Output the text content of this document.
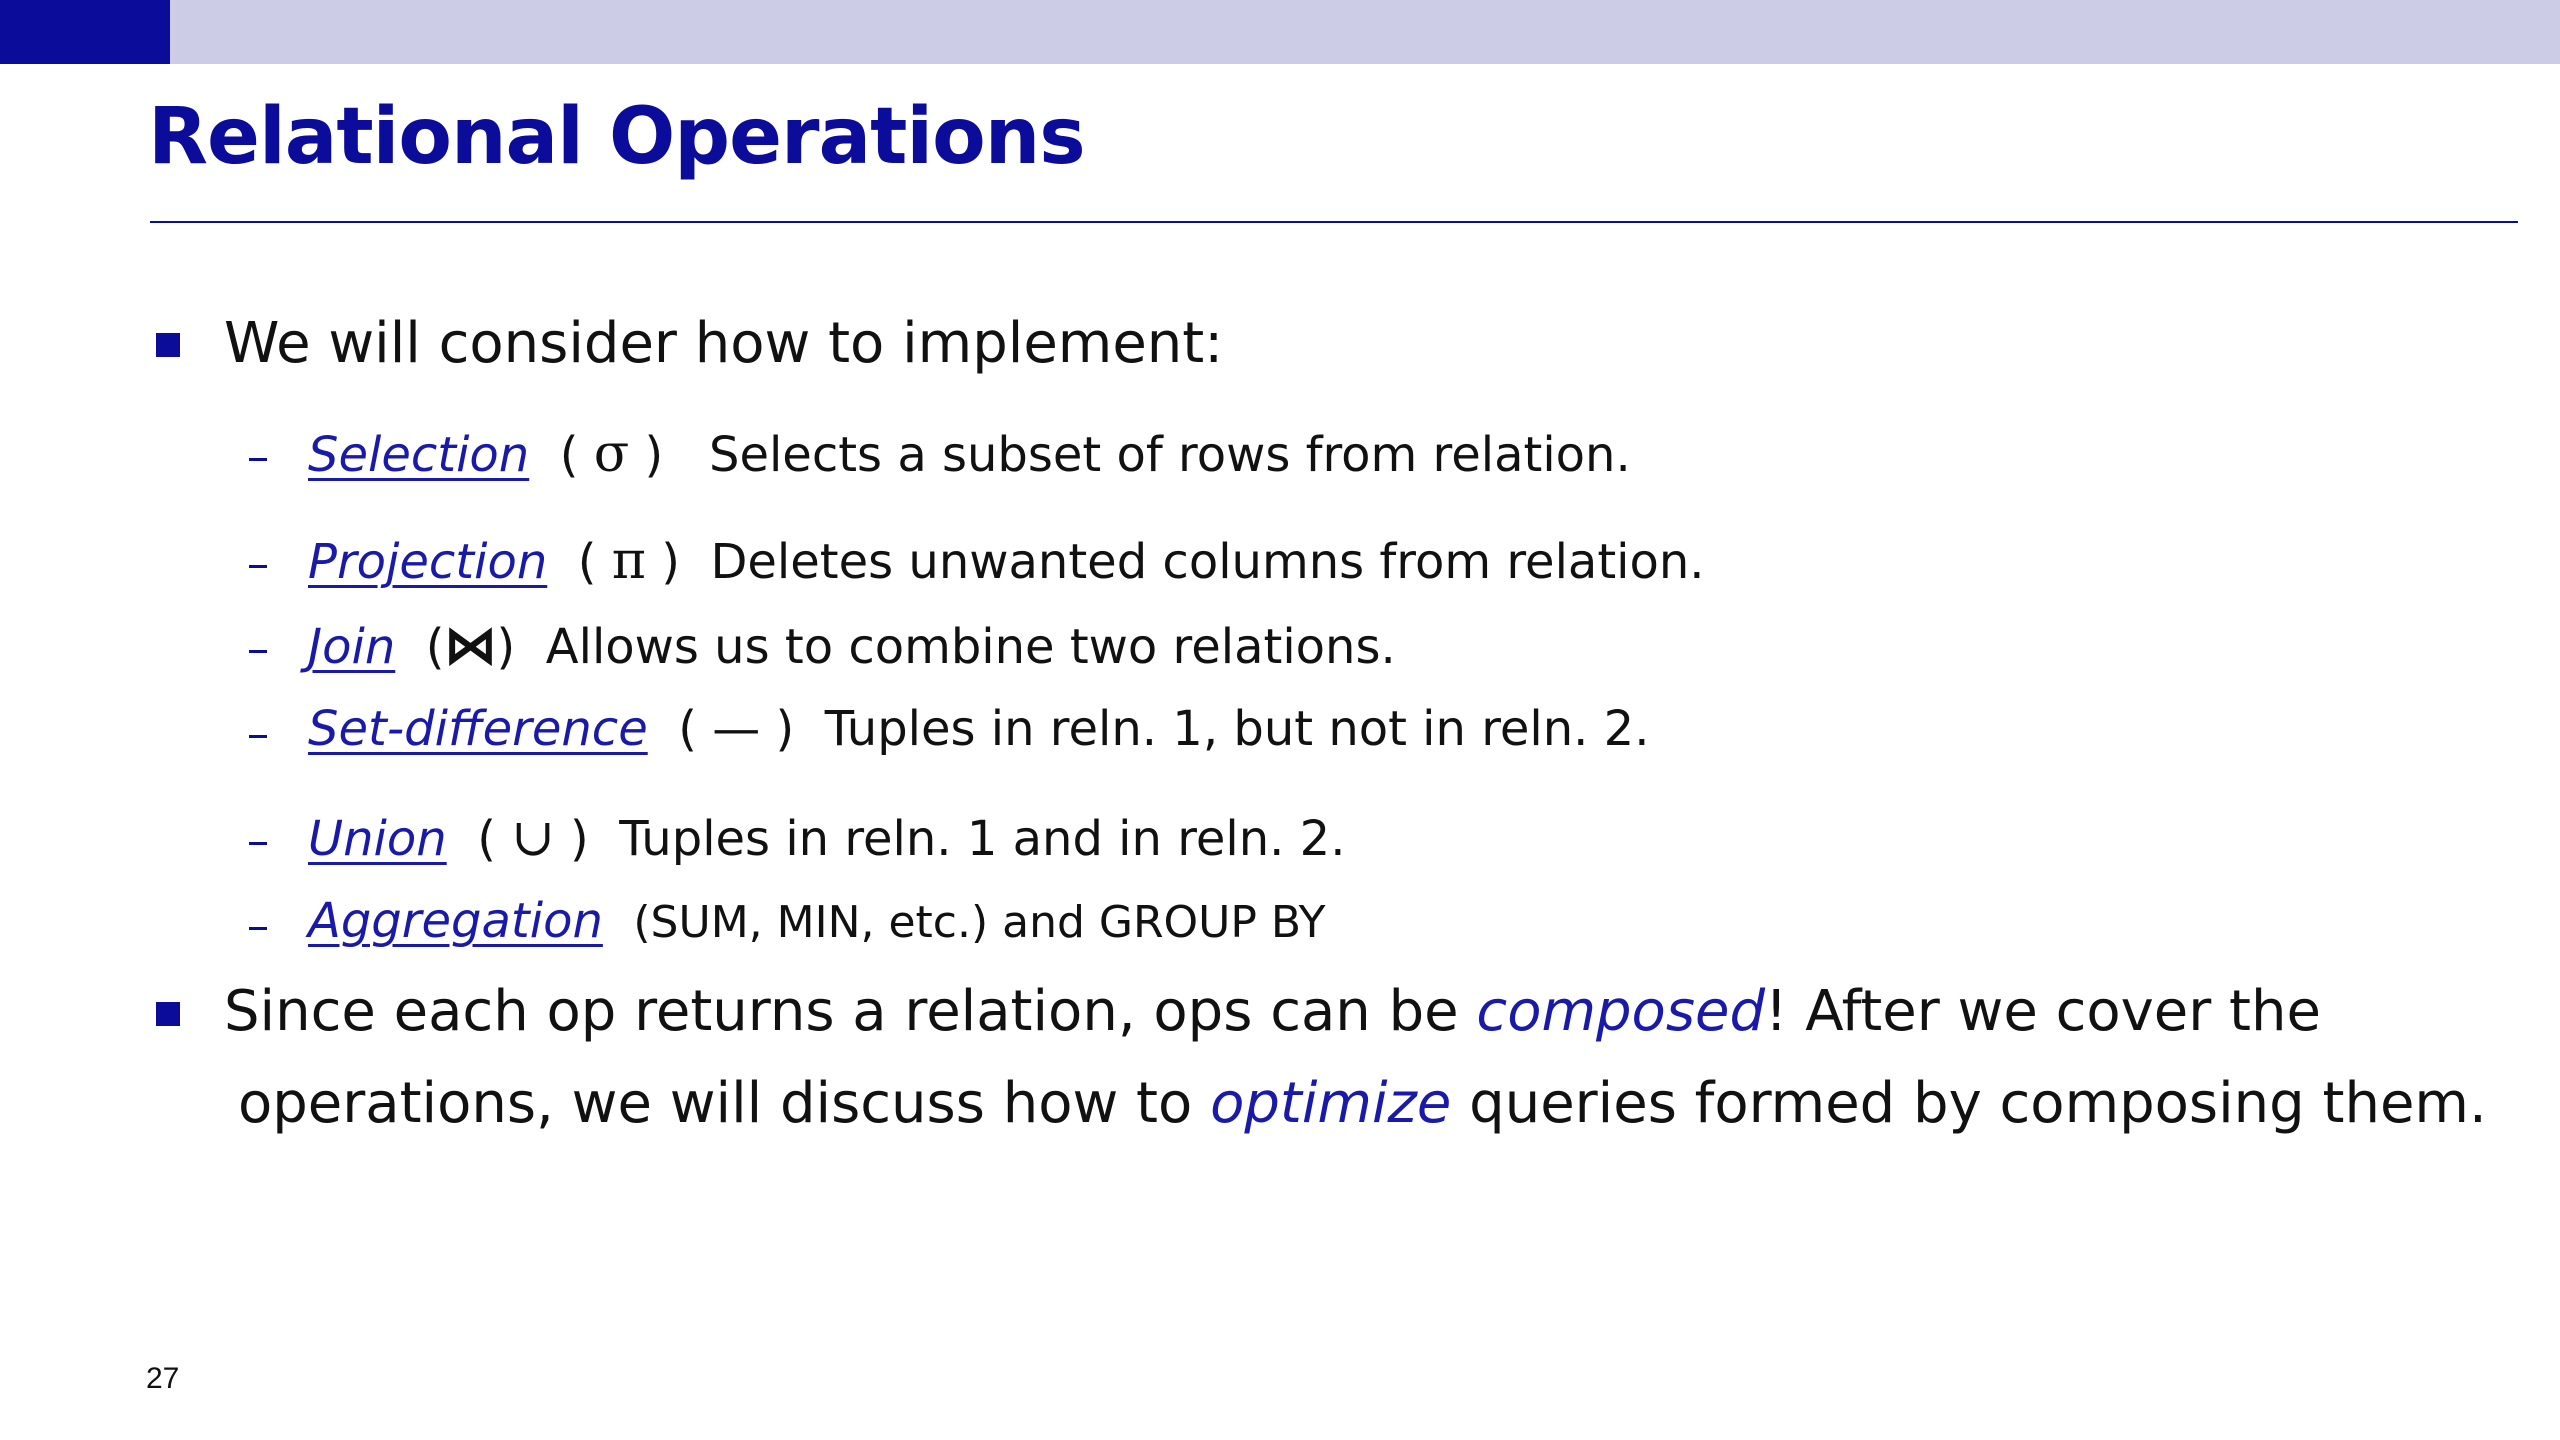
Relational Operations
We will consider how to implement:
Selection ( σ ) Selects a subset of rows from relation.
Projection ( π ) Deletes unwanted columns from relation.
Join (⋈) Allows us to combine two relations.
Set-difference ( — ) Tuples in reln. 1, but not in reln. 2.
Union ( ∪ ) Tuples in reln. 1 and in reln. 2.
Aggregation (SUM, MIN, etc.) and GROUP BY
Since each op returns a relation, ops can be composed! After we cover the
operations, we will discuss how to optimize queries formed by composing them.
27
